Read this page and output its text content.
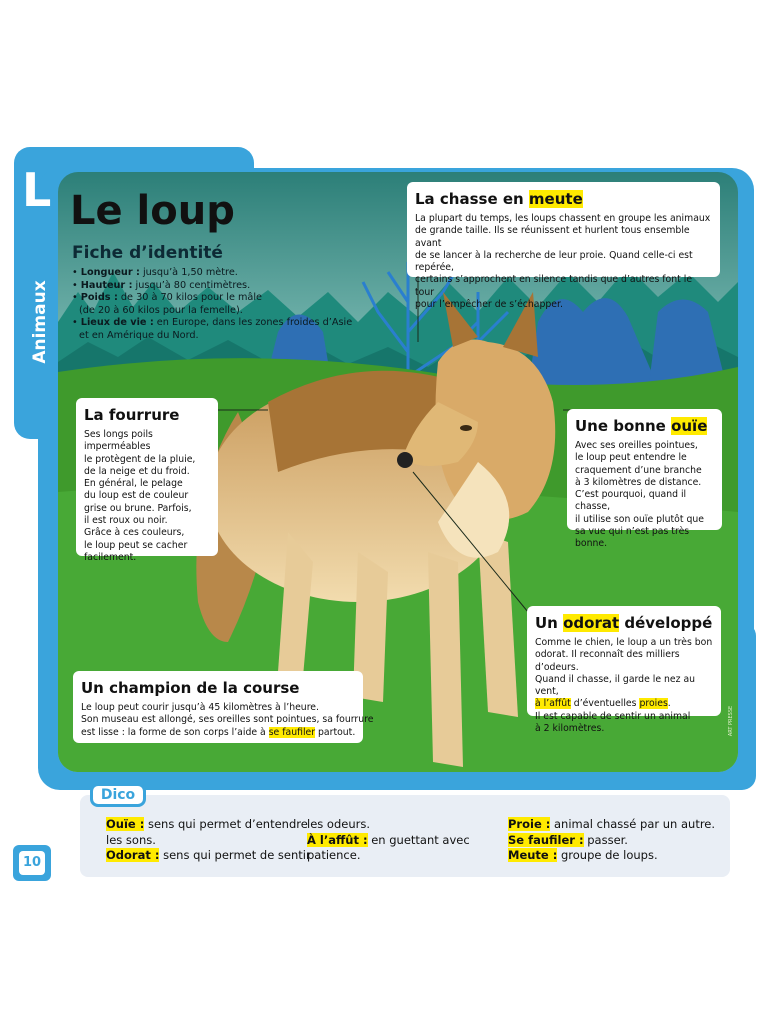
L
Animaux
Le loup
Fiche d’identité
• Longueur : jusqu’à 1,50 mètre.
• Hauteur : jusqu’à 80 centimètres.
• Poids : de 30 à 70 kilos pour le mâle
(de 20 à 60 kilos pour la femelle).
• Lieux de vie : en Europe, dans les zones froides d’Asie
et en Amérique du Nord.
La chasse en meute
La plupart du temps, les loups chassent en groupe les animaux
de grande taille. Ils se réunissent et hurlent tous ensemble avant
de se lancer à la recherche de leur proie. Quand celle-ci est repérée,
certains s’approchent en silence tandis que d’autres font le tour
pour l’empêcher de s’échapper.
La fourrure
Ses longs poils imperméables
le protègent de la pluie,
de la neige et du froid.
En général, le pelage
du loup est de couleur
grise ou brune. Parfois,
il est roux ou noir.
Grâce à ces couleurs,
le loup peut se cacher
facilement.
Une bonne ouïe
Avec ses oreilles pointues,
le loup peut entendre le
craquement d’une branche
à 3 kilomètres de distance.
C’est pourquoi, quand il chasse,
il utilise son ouïe plutôt que
sa vue qui n’est pas très bonne.
Un odorat développé
Comme le chien, le loup a un très bon
odorat. Il reconnaît des milliers d’odeurs.
Quand il chasse, il garde le nez au vent,
à l’affût d’éventuelles proies.
Il est capable de sentir un animal
à 2 kilomètres.
Un champion de la course
Le loup peut courir jusqu’à 45 kilomètres à l’heure.
Son museau est allongé, ses oreilles sont pointues, sa fourrure
est lisse : la forme de son corps l’aide à se faufiler partout.	ART PRESSE
Dico
Ouïe : sens qui permet d’entendre
les sons.
Odorat : sens qui permet de sentir
les odeurs.
À l’affût : en guettant avec
patience.
Proie : animal chassé par un autre.
Se faufiler : passer.
Meute : groupe de loups.
10
